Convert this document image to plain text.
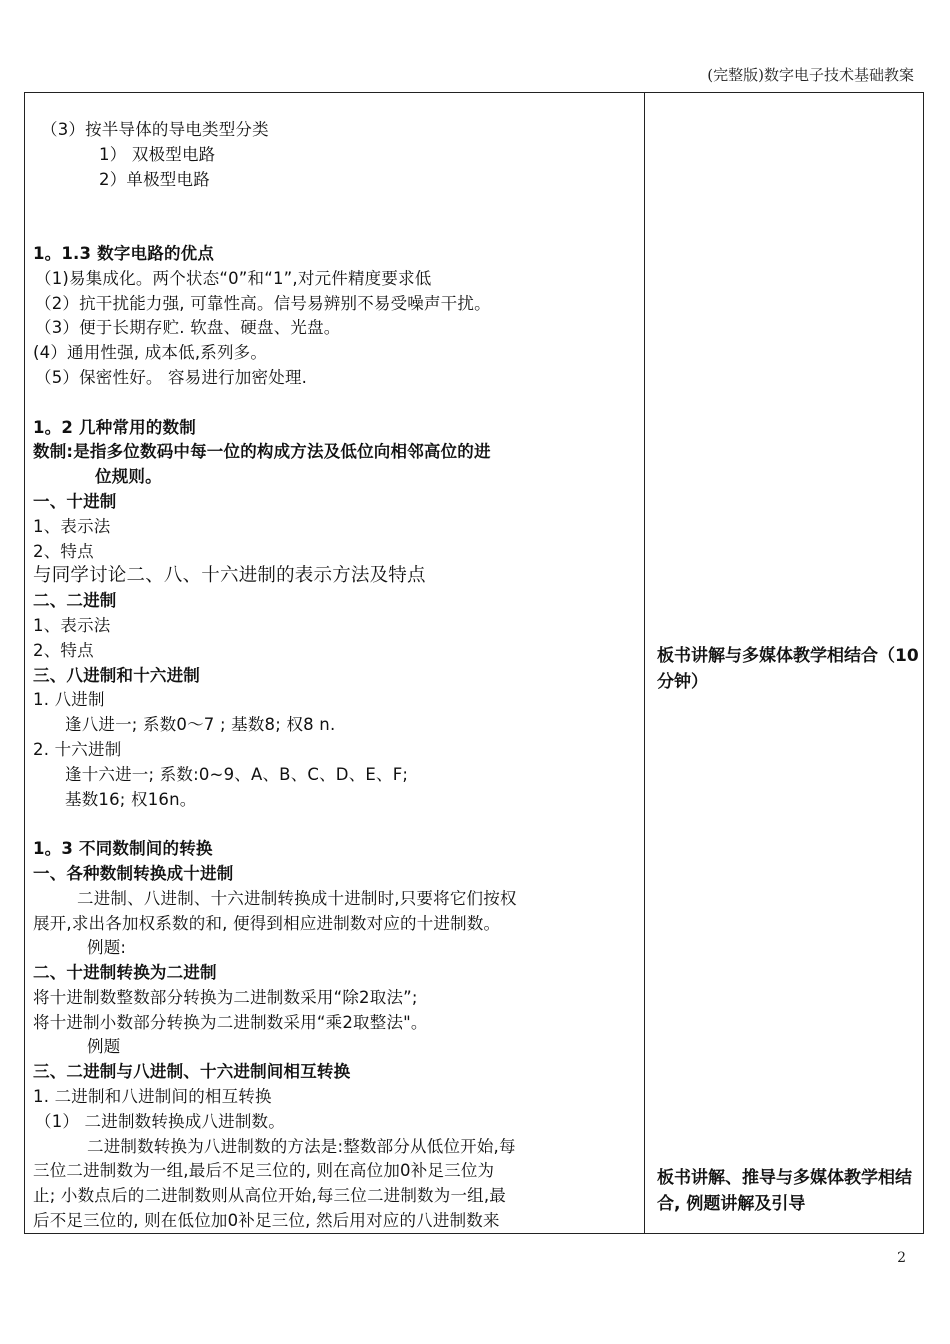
(完整版)数字电子技术基础教案
（3）按半导体的导电类型分类
1） 双极型电路
2）单极型电路
1。1.3 数字电路的优点
（1)易集成化。两个状态“0”和“1”,对元件精度要求低
（2）抗干扰能力强, 可靠性高。信号易辨别不易受噪声干扰。
（3）便于长期存贮. 软盘、硬盘、光盘。
(4）通用性强, 成本低,系列多。
（5）保密性好。 容易进行加密处理.
1。2 几种常用的数制
数制:是指多位数码中每一位的构成方法及低位向相邻高位的进
位规则。
一、十进制
1、表示法
2、特点
与同学讨论二、八、十六进制的表示方法及特点
二、二进制
1、表示法
2、特点
三、八进制和十六进制
1. 八进制
逢八进一; 系数0～7 ; 基数8; 权8 n.
2. 十六进制
逢十六进一; 系数:0~9、A、B、C、D、E、F;
基数16; 权16n。
1。3 不同数制间的转换
一、各种数制转换成十进制
二进制、八进制、十六进制转换成十进制时,只要将它们按权
展开,求出各加权系数的和, 便得到相应进制数对应的十进制数。
例题:
二、十进制转换为二进制
将十进制数整数部分转换为二进制数采用“除2取法”;
将十进制小数部分转换为二进制数采用“乘2取整法"。
例题
三、二进制与八进制、十六进制间相互转换
1. 二进制和八进制间的相互转换
（1） 二进制数转换成八进制数。
二进制数转换为八进制数的方法是:整数部分从低位开始,每
三位二进制数为一组,最后不足三位的, 则在高位加0补足三位为
止; 小数点后的二进制数则从高位开始,每三位二进制数为一组,最
后不足三位的, 则在低位加0补足三位, 然后用对应的八进制数来
板书讲解与多媒体教学相结合（10分钟）
板书讲解、推导与多媒体教学相结合, 例题讲解及引导
2
